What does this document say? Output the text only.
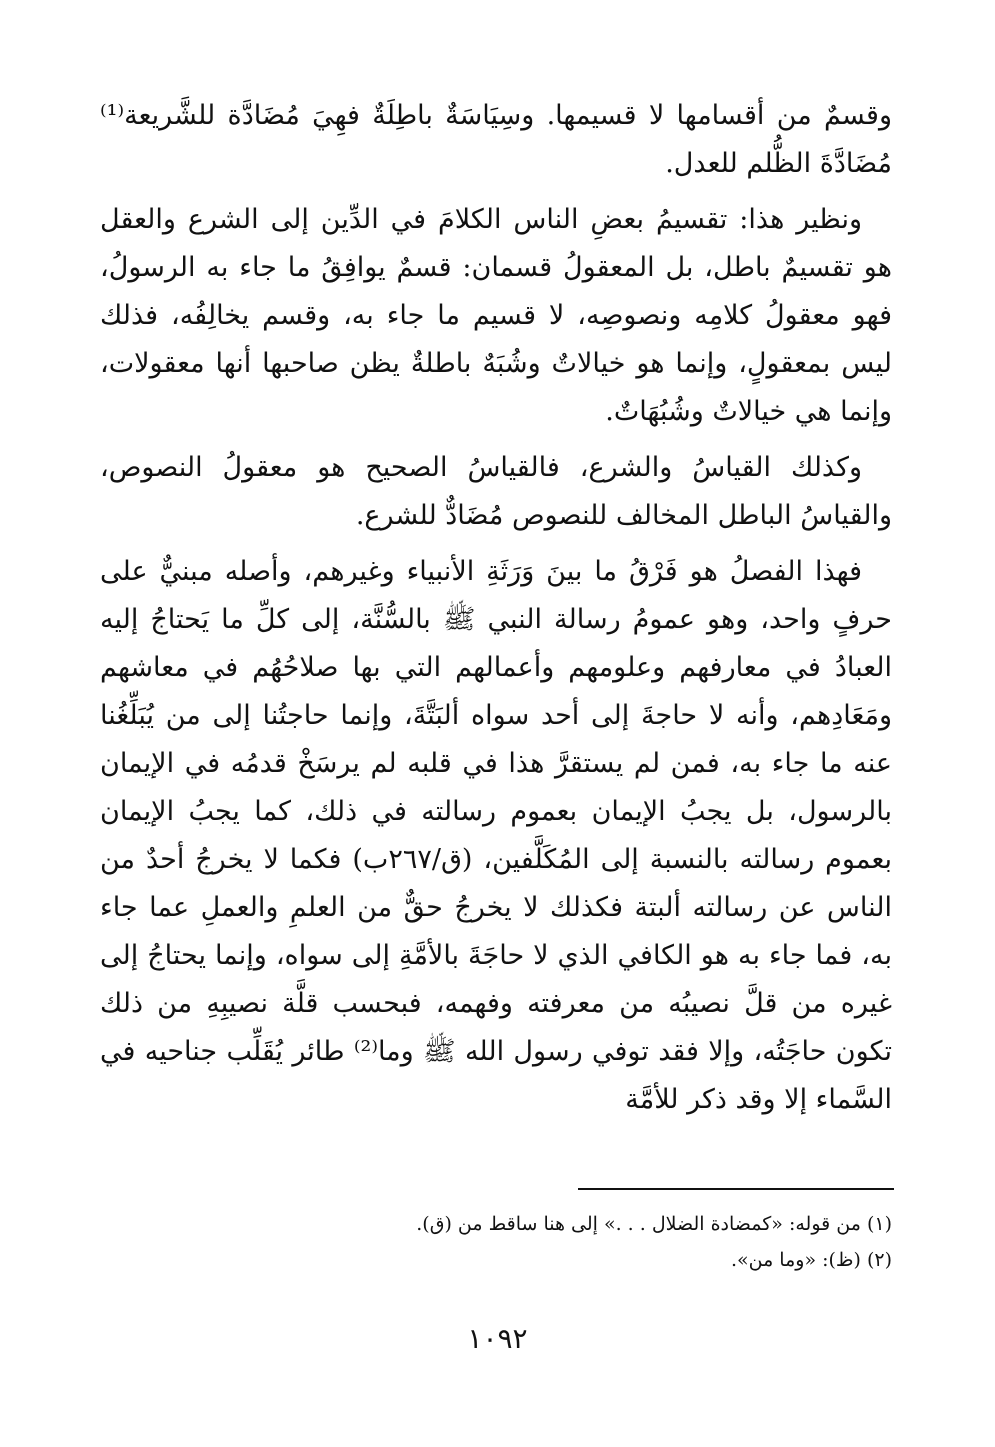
وقسمٌ من أقسامها لا قسيمها. وسِيَاسَةٌ باطِلَةٌ فهِيَ مُضَادَّة للشَّريعة⁽¹⁾ مُضَادَّةَ الظُّلم للعدل.

ونظير هذا: تقسيمُ بعضِ الناس الكلامَ في الدِّين إلى الشرع والعقل هو تقسيمٌ باطل، بل المعقولُ قسمان: قسمٌ يوافِقُ ما جاء به الرسولُ، فهو معقولُ كلامِه ونصوصِه، لا قسيم ما جاء به، وقسم يخالِفُه، فذلك ليس بمعقولٍ، وإنما هو خيالاتٌ وشُبَهٌ باطلةٌ يظن صاحبها أنها معقولات، وإنما هي خيالاتٌ وشُبُهَاتٌ.

وكذلك القياسُ والشرع، فالقياسُ الصحيح هو معقولُ النصوص، والقياسُ الباطل المخالف للنصوص مُضَادٌّ للشرع.

فهذا الفصلُ هو فَرْقُ ما بينَ وَرَثَةِ الأنبياء وغيرهم، وأصله مبنيٌّ على حرفٍ واحد، وهو عمومُ رسالة النبي ﷺ بالسُّنَّة، إلى كلِّ ما يَحتاجُ إليه العبادُ في معارفهم وعلومهم وأعمالهم التي بها صلاحُهُم في معاشهم ومَعَادِهم، وأنه لا حاجةَ إلى أحد سواه ألبَتَّةَ، وإنما حاجتُنا إلى من يُبَلِّغُنا عنه ما جاء به، فمن لم يستقرَّ هذا في قلبه لم يرسَخْ قدمُه في الإيمان بالرسول، بل يجبُ الإيمان بعموم رسالته في ذلك، كما يجبُ الإيمان بعموم رسالته بالنسبة إلى المُكَلَّفين، (ق/٢٦٧ب) فكما لا يخرجُ أحدٌ من الناس عن رسالته ألبتة فكذلك لا يخرجُ حقٌّ من العلمِ والعملِ عما جاء به، فما جاء به هو الكافي الذي لا حاجَةَ بالأمَّةِ إلى سواه، وإنما يحتاجُ إلى غيره من قلَّ نصيبُه من معرفته وفهمه، فبحسب قلَّة نصيبِهِ من ذلك تكون حاجَتُه، وإلا فقد توفي رسول الله ﷺ وما⁽²⁾ طائر يُقَلِّب جناحيه في السَّماء إلا وقد ذكر للأمَّة

(١) من قوله: «كمضادة الضلال . . .» إلى هنا ساقط من (ق).

(٢) (ظ): «وما من».

١٠٩٢
